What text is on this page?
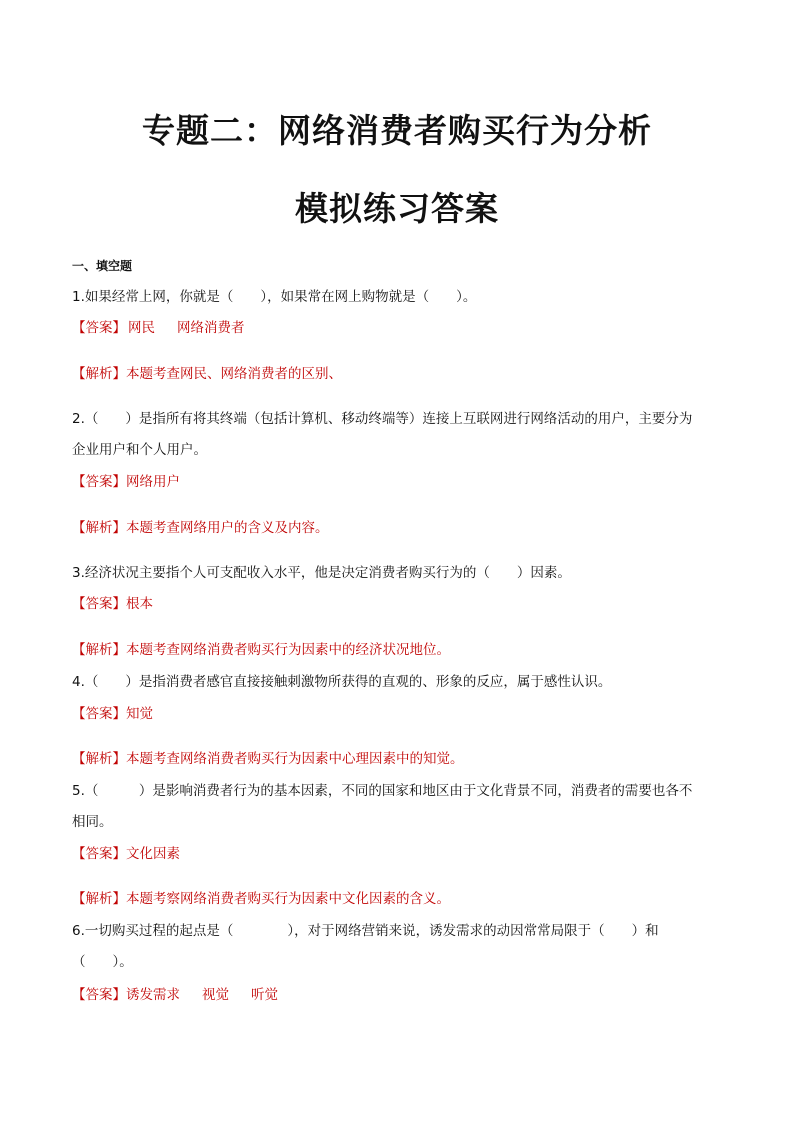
专题二：网络消费者购买行为分析
模拟练习答案
一、填空题
1.如果经常上网，你就是（　　），如果常在网上购物就是（　　）。
【答案】 网民 网络消费者
【解析】本题考查网民、网络消费者的区别、
2.（　　）是指所有将其终端（包括计算机、移动终端等）连接上互联网进行网络活动的用户，主要分为
企业用户和个人用户。
【答案】网络用户
【解析】本题考查网络用户的含义及内容。
3.经济状况主要指个人可支配收入水平，他是决定消费者购买行为的（　　）因素。
【答案】根本
【解析】本题考查网络消费者购买行为因素中的经济状况地位。
4.（　　）是指消费者感官直接接触刺激物所获得的直观的、形象的反应，属于感性认识。
【答案】知觉
【解析】本题考查网络消费者购买行为因素中心理因素中的知觉。
5.（　　　）是影响消费者行为的基本因素，不同的国家和地区由于文化背景不同，消费者的需要也各不
相同。
【答案】文化因素
【解析】本题考察网络消费者购买行为因素中文化因素的含义。
6.一切购买过程的起点是（　　　　），对于网络营销来说，诱发需求的动因常常局限于（　　）和
（　　）。
【答案】诱发需求 视觉 听觉
